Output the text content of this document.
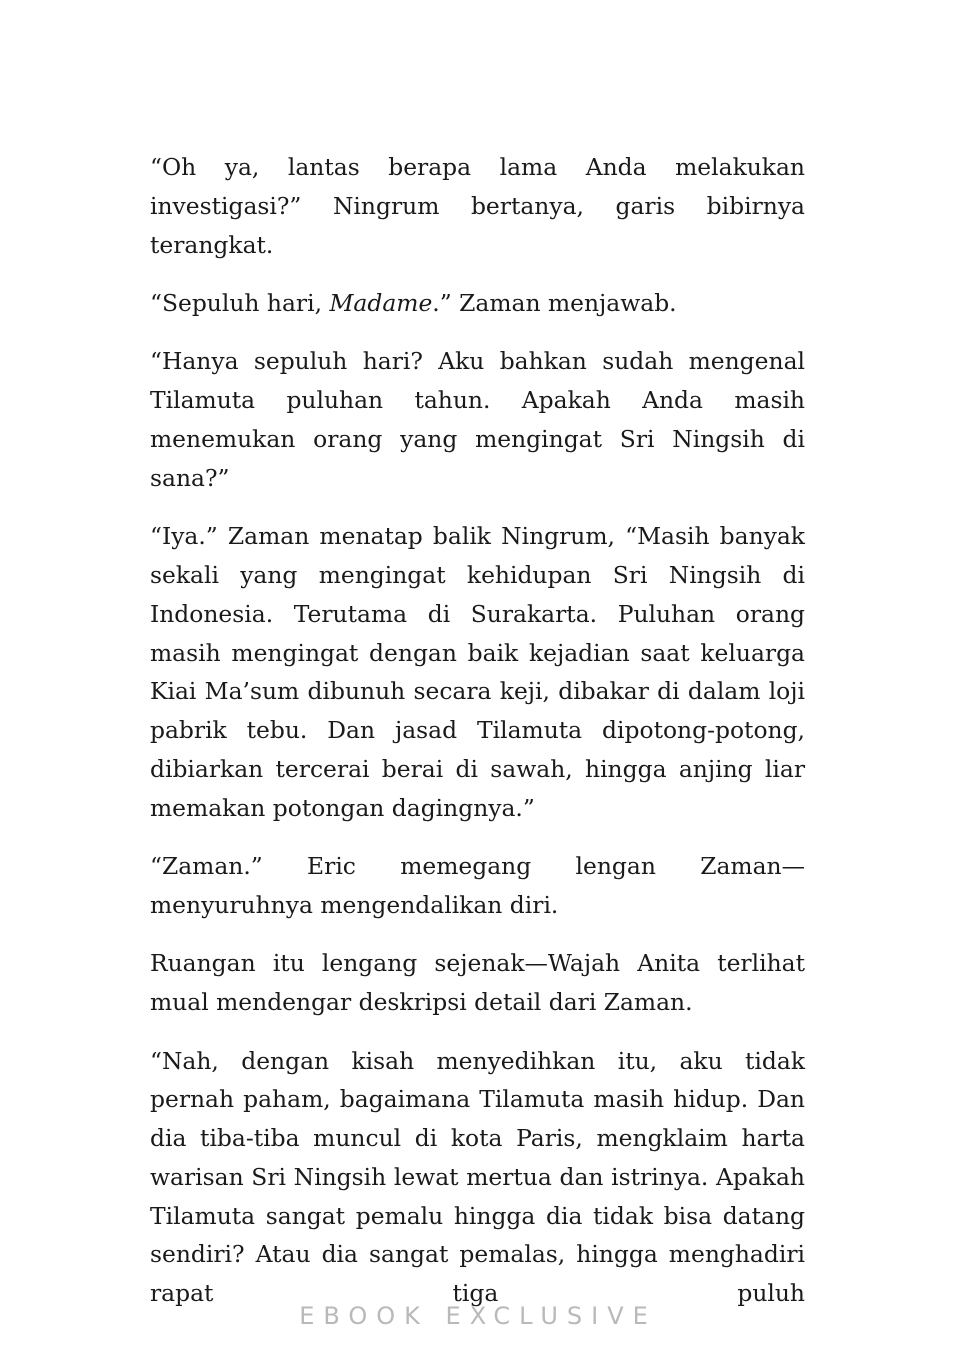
“Oh ya, lantas berapa lama Anda melakukan investigasi?” Ningrum bertanya, garis bibirnya terangkat.

“Sepuluh hari, Madame.” Zaman menjawab.

“Hanya sepuluh hari? Aku bahkan sudah mengenal Tilamuta puluhan tahun. Apakah Anda masih menemukan orang yang mengingat Sri Ningsih di sana?”

“Iya.” Zaman menatap balik Ningrum, “Masih banyak sekali yang mengingat kehidupan Sri Ningsih di Indonesia. Terutama di Surakarta. Puluhan orang masih mengingat dengan baik kejadian saat keluarga Kiai Ma’sum dibunuh secara keji, dibakar di dalam loji pabrik tebu. Dan jasad Tilamuta dipotong-potong, dibiarkan tercerai berai di sawah, hingga anjing liar memakan potongan dagingnya.”

“Zaman.” Eric memegang lengan Zaman—menyuruhnya mengendalikan diri.

Ruangan itu lengang sejenak—Wajah Anita terlihat mual mendengar deskripsi detail dari Zaman.

“Nah, dengan kisah menyedihkan itu, aku tidak pernah paham, bagaimana Tilamuta masih hidup. Dan dia tiba-tiba muncul di kota Paris, mengklaim harta warisan Sri Ningsih lewat mertua dan istrinya. Apakah Tilamuta sangat pemalu hingga dia tidak bisa datang sendiri? Atau dia sangat pemalas, hingga menghadiri rapat tiga puluh

EBOOK EXCLUSIVE
